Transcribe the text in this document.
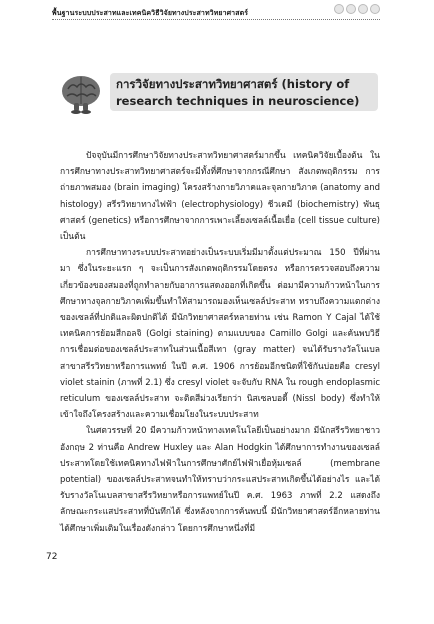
พื้นฐานระบบประสาทและเทคนิควิธีวิจัยทางประสาทวิทยาศาสตร์
การวิจัยทางประสาทวิทยาศาสตร์ (history of research techniques in neuroscience)

ปัจจุบันมีการศึกษาวิจัยทางประสาทวิทยาศาสตร์มากขึ้น เทคนิควิจัยเบื้องต้น ในการศึกษาทางประสาทวิทยาศาสตร์จะมีทั้งที่ศึกษาจากกรณีศึกษา สังเกตพฤติกรรม การถ่ายภาพสมอง (brain imaging) โครงสร้างกายวิภาคและจุลกายวิภาค (anatomy and histology) สรีรวิทยาทางไฟฟ้า (electrophysiology) ชีวเคมี (biochemistry) พันธุศาสตร์ (genetics) หรือการศึกษาจากการเพาะเลี้ยงเซลล์เนื้อเยื่อ (cell tissue culture) เป็นต้น

การศึกษาทางระบบประสาทอย่างเป็นระบบเริ่มมีมาตั้งแต่ประมาณ 150 ปีที่ผ่านมา ซึ่งในระยะแรก ๆ จะเป็นการสังเกตพฤติกรรมโดยตรง หรือการตรวจสอบถึงความเกี่ยวข้องของสมองที่ถูกทำลายกับอาการแสดงออกที่เกิดขึ้น ต่อมามีความก้าวหน้าในการศึกษาทางจุลกายวิภาคเพิ่มขึ้นทำให้สามารถมองเห็นเซลล์ประสาท ทราบถึงความแตกต่างของเซลล์ที่ปกติและผิดปกติได้ มีนักวิทยาศาสตร์หลายท่าน เช่น Ramon Y Cajal ได้ใช้เทคนิคการย้อมสีกอลจิ (Golgi staining) ตามแบบของ Camillo Golgi และค้นพบวิธีการเชื่อมต่อของเซลล์ประสาทในส่วนเนื้อสีเทา (gray matter) จนได้รับรางวัลโนเบลสาขาสรีรวิทยาหรือการแพทย์ ในปี ค.ศ. 1906 การย้อมอีกชนิดที่ใช้กันบ่อยคือ cresyl violet stainin (ภาพที่ 2.1) ซึ่ง cresyl violet จะจับกับ RNA ใน rough endoplasmic reticulum ของเซลล์ประสาท จะติดสีม่วงเรียกว่า นิสเซลบอดี้ (Nissl body) ซึ่งทำให้เข้าใจถึงโครงสร้างและความเชื่อมโยงในระบบประสาท

ในศตวรรษที่ 20 มีความก้าวหน้าทางเทคโนโลยีเป็นอย่างมาก มีนักสรีรวิทยาชาวอังกฤษ 2 ท่านคือ Andrew Huxley และ Alan Hodgkin ได้ศึกษาการทำงานของเซลล์ประสาทโดยใช้เทคนิคทางไฟฟ้าในการศึกษาศักย์ไฟฟ้าเยื่อหุ้มเซลล์ (membrane potential) ของเซลล์ประสาทจนทำให้ทราบว่ากระแสประสาทเกิดขึ้นได้อย่างไร และได้รับรางวัลโนเบลสาขาสรีรวิทยาหรือการแพทย์ในปี ค.ศ. 1963 ภาพที่ 2.2 แสดงถึงลักษณะกระแสประสาทที่บันทึกได้ ซึ่งหลังจากการค้นพบนี้ มีนักวิทยาศาสตร์อีกหลายท่านได้ศึกษาเพิ่มเติมในเรื่องดังกล่าว โดยการศึกษาหนึ่งที่มี

72
